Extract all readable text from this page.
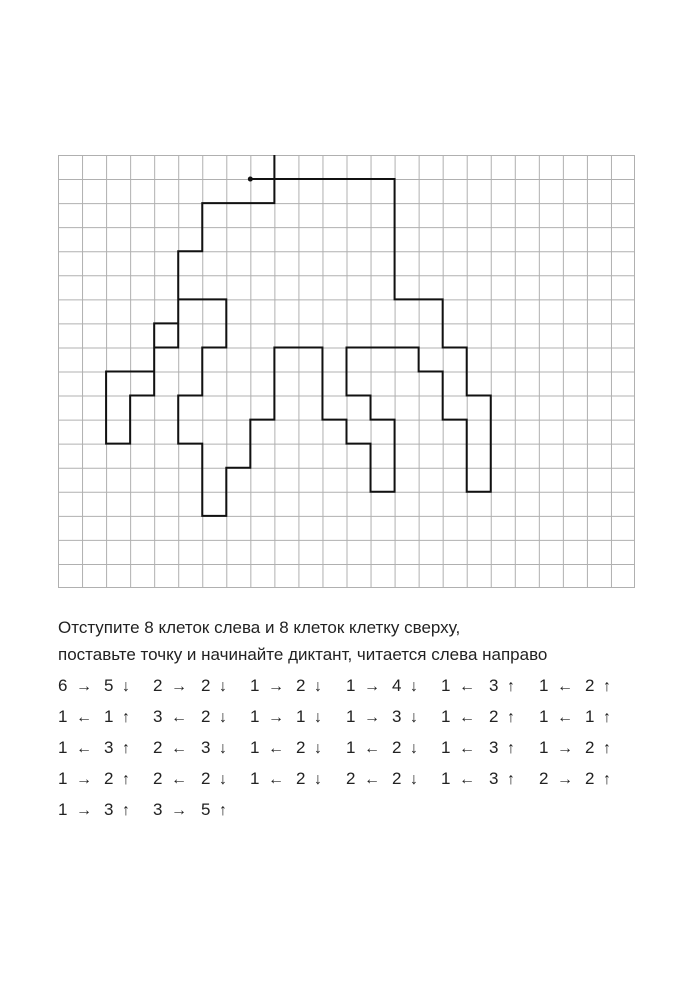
Отступите 8 клеток слева и 8 клеток клетку сверху,
поставьте точку и начинайте диктант, читается слева направо
6 → 5 ↓ 2 → 2 ↓ 1 → 2 ↓ 1 → 4 ↓ 1 ← 3 ↑ 1 ← 2 ↑
1 ← 1 ↑ 3 ← 2 ↓ 1 → 1 ↓ 1 → 3 ↓ 1 ← 2 ↑ 1 ← 1 ↑
1 ← 3 ↑ 2 ← 3 ↓ 1 ← 2 ↓ 1 ← 2 ↓ 1 ← 3 ↑ 1 → 2 ↑
1 → 2 ↑ 2 ← 2 ↓ 1 ← 2 ↓ 2 ← 2 ↓ 1 ← 3 ↑ 2 → 2 ↑
1 → 3 ↑ 3 → 5 ↑
